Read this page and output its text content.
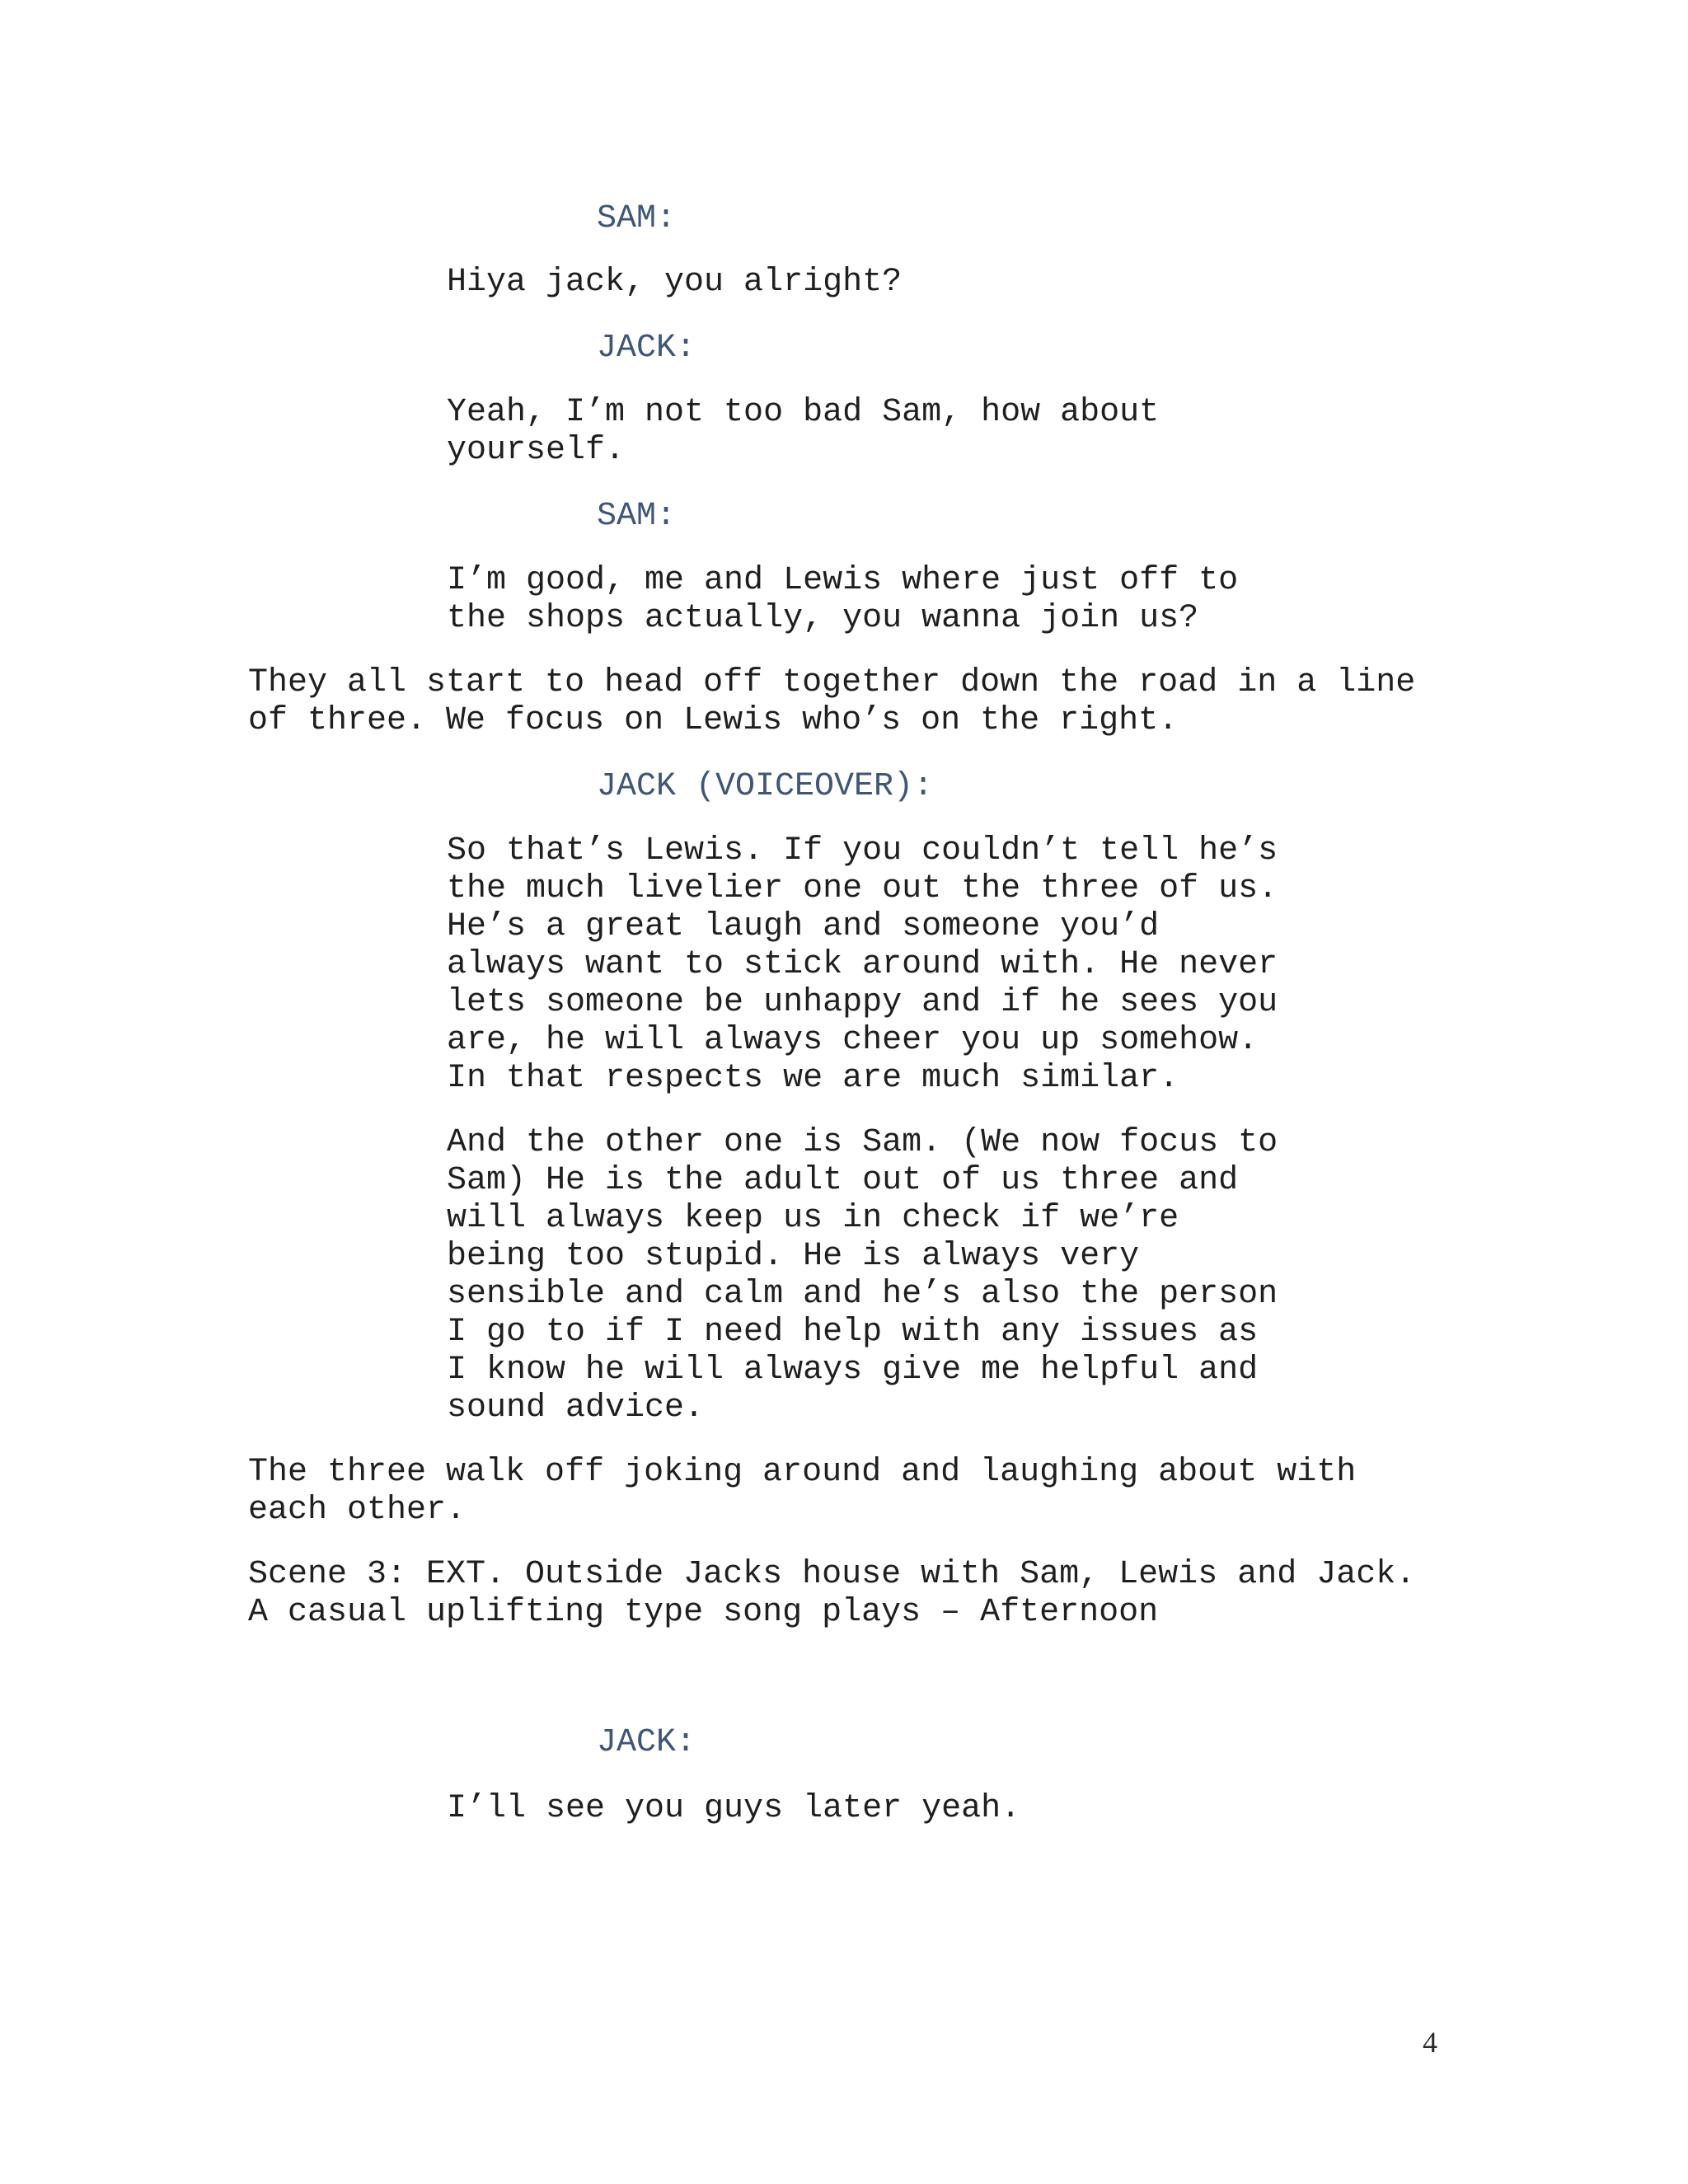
SAM:

Hiya jack, you alright?

JACK:

Yeah, I’m not too bad Sam, how about

yourself.

SAM:

I’m good, me and Lewis where just off to

the shops actually, you wanna join us?

They all start to head off together down the road in a line

of three. We focus on Lewis who’s on the right.

JACK (VOICEOVER):

So that’s Lewis. If you couldn’t tell he’s

the much livelier one out the three of us.

He’s a great laugh and someone you’d

always want to stick around with. He never

lets someone be unhappy and if he sees you

are, he will always cheer you up somehow.

In that respects we are much similar.

And the other one is Sam. (We now focus to

Sam) He is the adult out of us three and

will always keep us in check if we’re

being too stupid. He is always very

sensible and calm and he’s also the person

I go to if I need help with any issues as

I know he will always give me helpful and

sound advice.

The three walk off joking around and laughing about with

each other.

Scene 3: EXT. Outside Jacks house with Sam, Lewis and Jack.

A casual uplifting type song plays – Afternoon

JACK:

I’ll see you guys later yeah.

4
